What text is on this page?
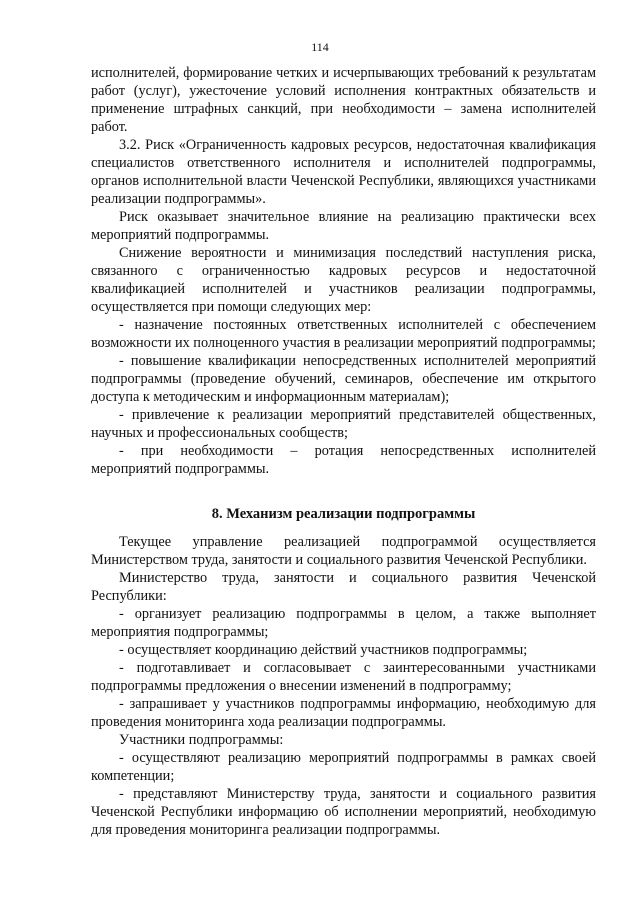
114

исполнителей, формирование четких и исчерпывающих требований к результатам работ (услуг), ужесточение условий исполнения контрактных обязательств и применение штрафных санкций, при необходимости – замена исполнителей работ.

3.2. Риск «Ограниченность кадровых ресурсов, недостаточная квалификация специалистов ответственного исполнителя и исполнителей подпрограммы, органов исполнительной власти Чеченской Республики, являющихся участниками реализации подпрограммы».

Риск оказывает значительное влияние на реализацию практически всех мероприятий подпрограммы.

Снижение вероятности и минимизация последствий наступления риска, связанного с ограниченностью кадровых ресурсов и недостаточной квалификацией исполнителей и участников реализации подпрограммы, осуществляется при помощи следующих мер:

- назначение постоянных ответственных исполнителей с обеспечением возможности их полноценного участия в реализации мероприятий подпрограммы;

- повышение квалификации непосредственных исполнителей мероприятий подпрограммы (проведение обучений, семинаров, обеспечение им открытого доступа к методическим и информационным материалам);

- привлечение к реализации мероприятий представителей общественных, научных и профессиональных сообществ;

- при необходимости – ротация непосредственных исполнителей мероприятий подпрограммы.

8. Механизм реализации подпрограммы

Текущее управление реализацией подпрограммой осуществляется Министерством труда, занятости и социального развития Чеченской Республики.

Министерство труда, занятости и социального развития Чеченской Республики:

- организует реализацию подпрограммы в целом, а также выполняет мероприятия подпрограммы;

- осуществляет координацию действий участников подпрограммы;

- подготавливает и согласовывает с заинтересованными участниками подпрограммы предложения о внесении изменений в подпрограмму;

- запрашивает у участников подпрограммы информацию, необходимую для проведения мониторинга хода реализации подпрограммы.

Участники подпрограммы:

- осуществляют реализацию мероприятий подпрограммы в рамках своей компетенции;

- представляют Министерству труда, занятости и социального развития Чеченской Республики информацию об исполнении мероприятий, необходимую для проведения мониторинга реализации подпрограммы.
